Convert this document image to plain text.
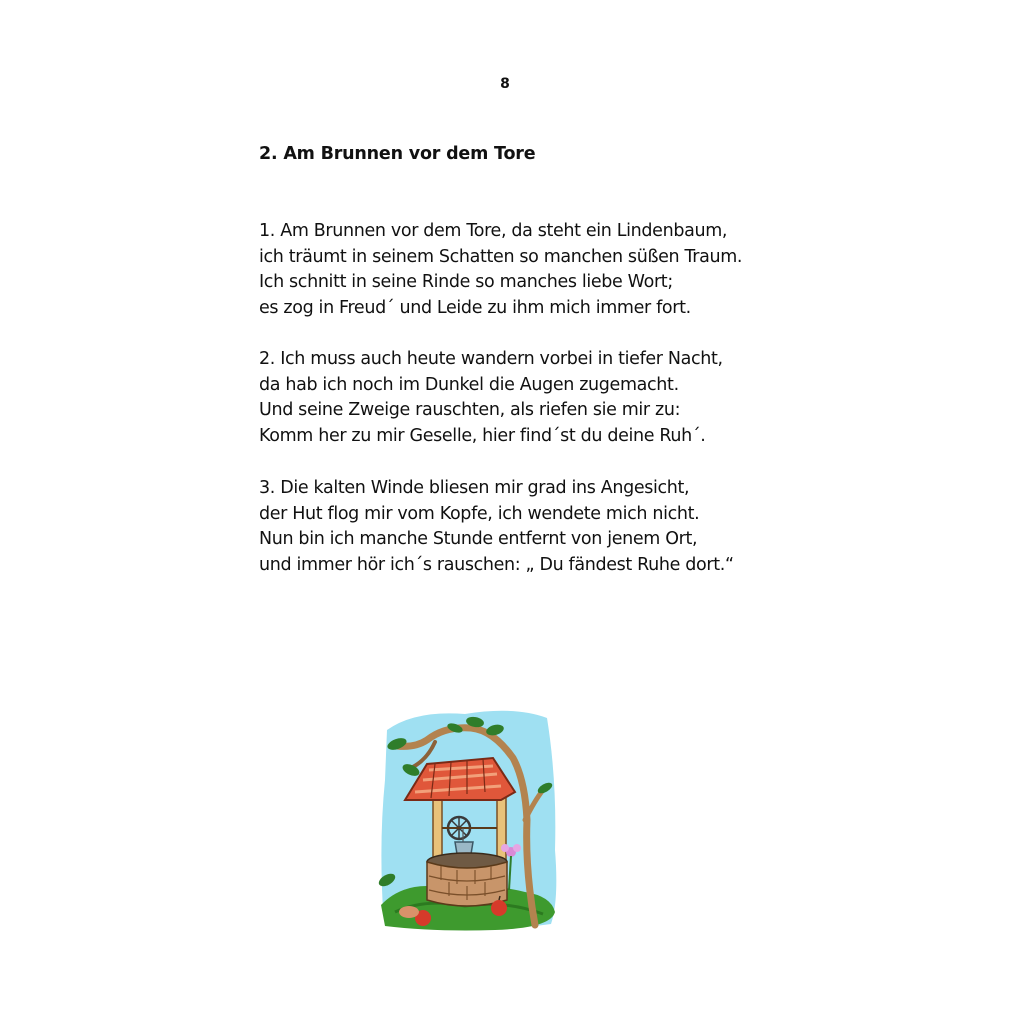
8
2. Am Brunnen vor dem Tore
1. Am Brunnen vor dem Tore, da steht ein Lindenbaum,
ich träumt in seinem Schatten so manchen süßen Traum.
Ich schnitt in seine Rinde so manches liebe Wort;
es zog in Freud´ und Leide zu ihm mich immer fort.
2. Ich muss auch heute wandern vorbei in tiefer Nacht,
da hab ich noch im Dunkel die Augen zugemacht.
Und seine Zweige rauschten, als riefen sie mir zu:
Komm her zu mir Geselle, hier find´st du deine Ruh´.
3. Die kalten Winde bliesen mir grad ins Angesicht,
der Hut flog mir vom Kopfe, ich wendete mich nicht.
Nun bin ich manche Stunde entfernt von jenem Ort,
und immer hör ich´s rauschen: „ Du fändest Ruhe dort.“
